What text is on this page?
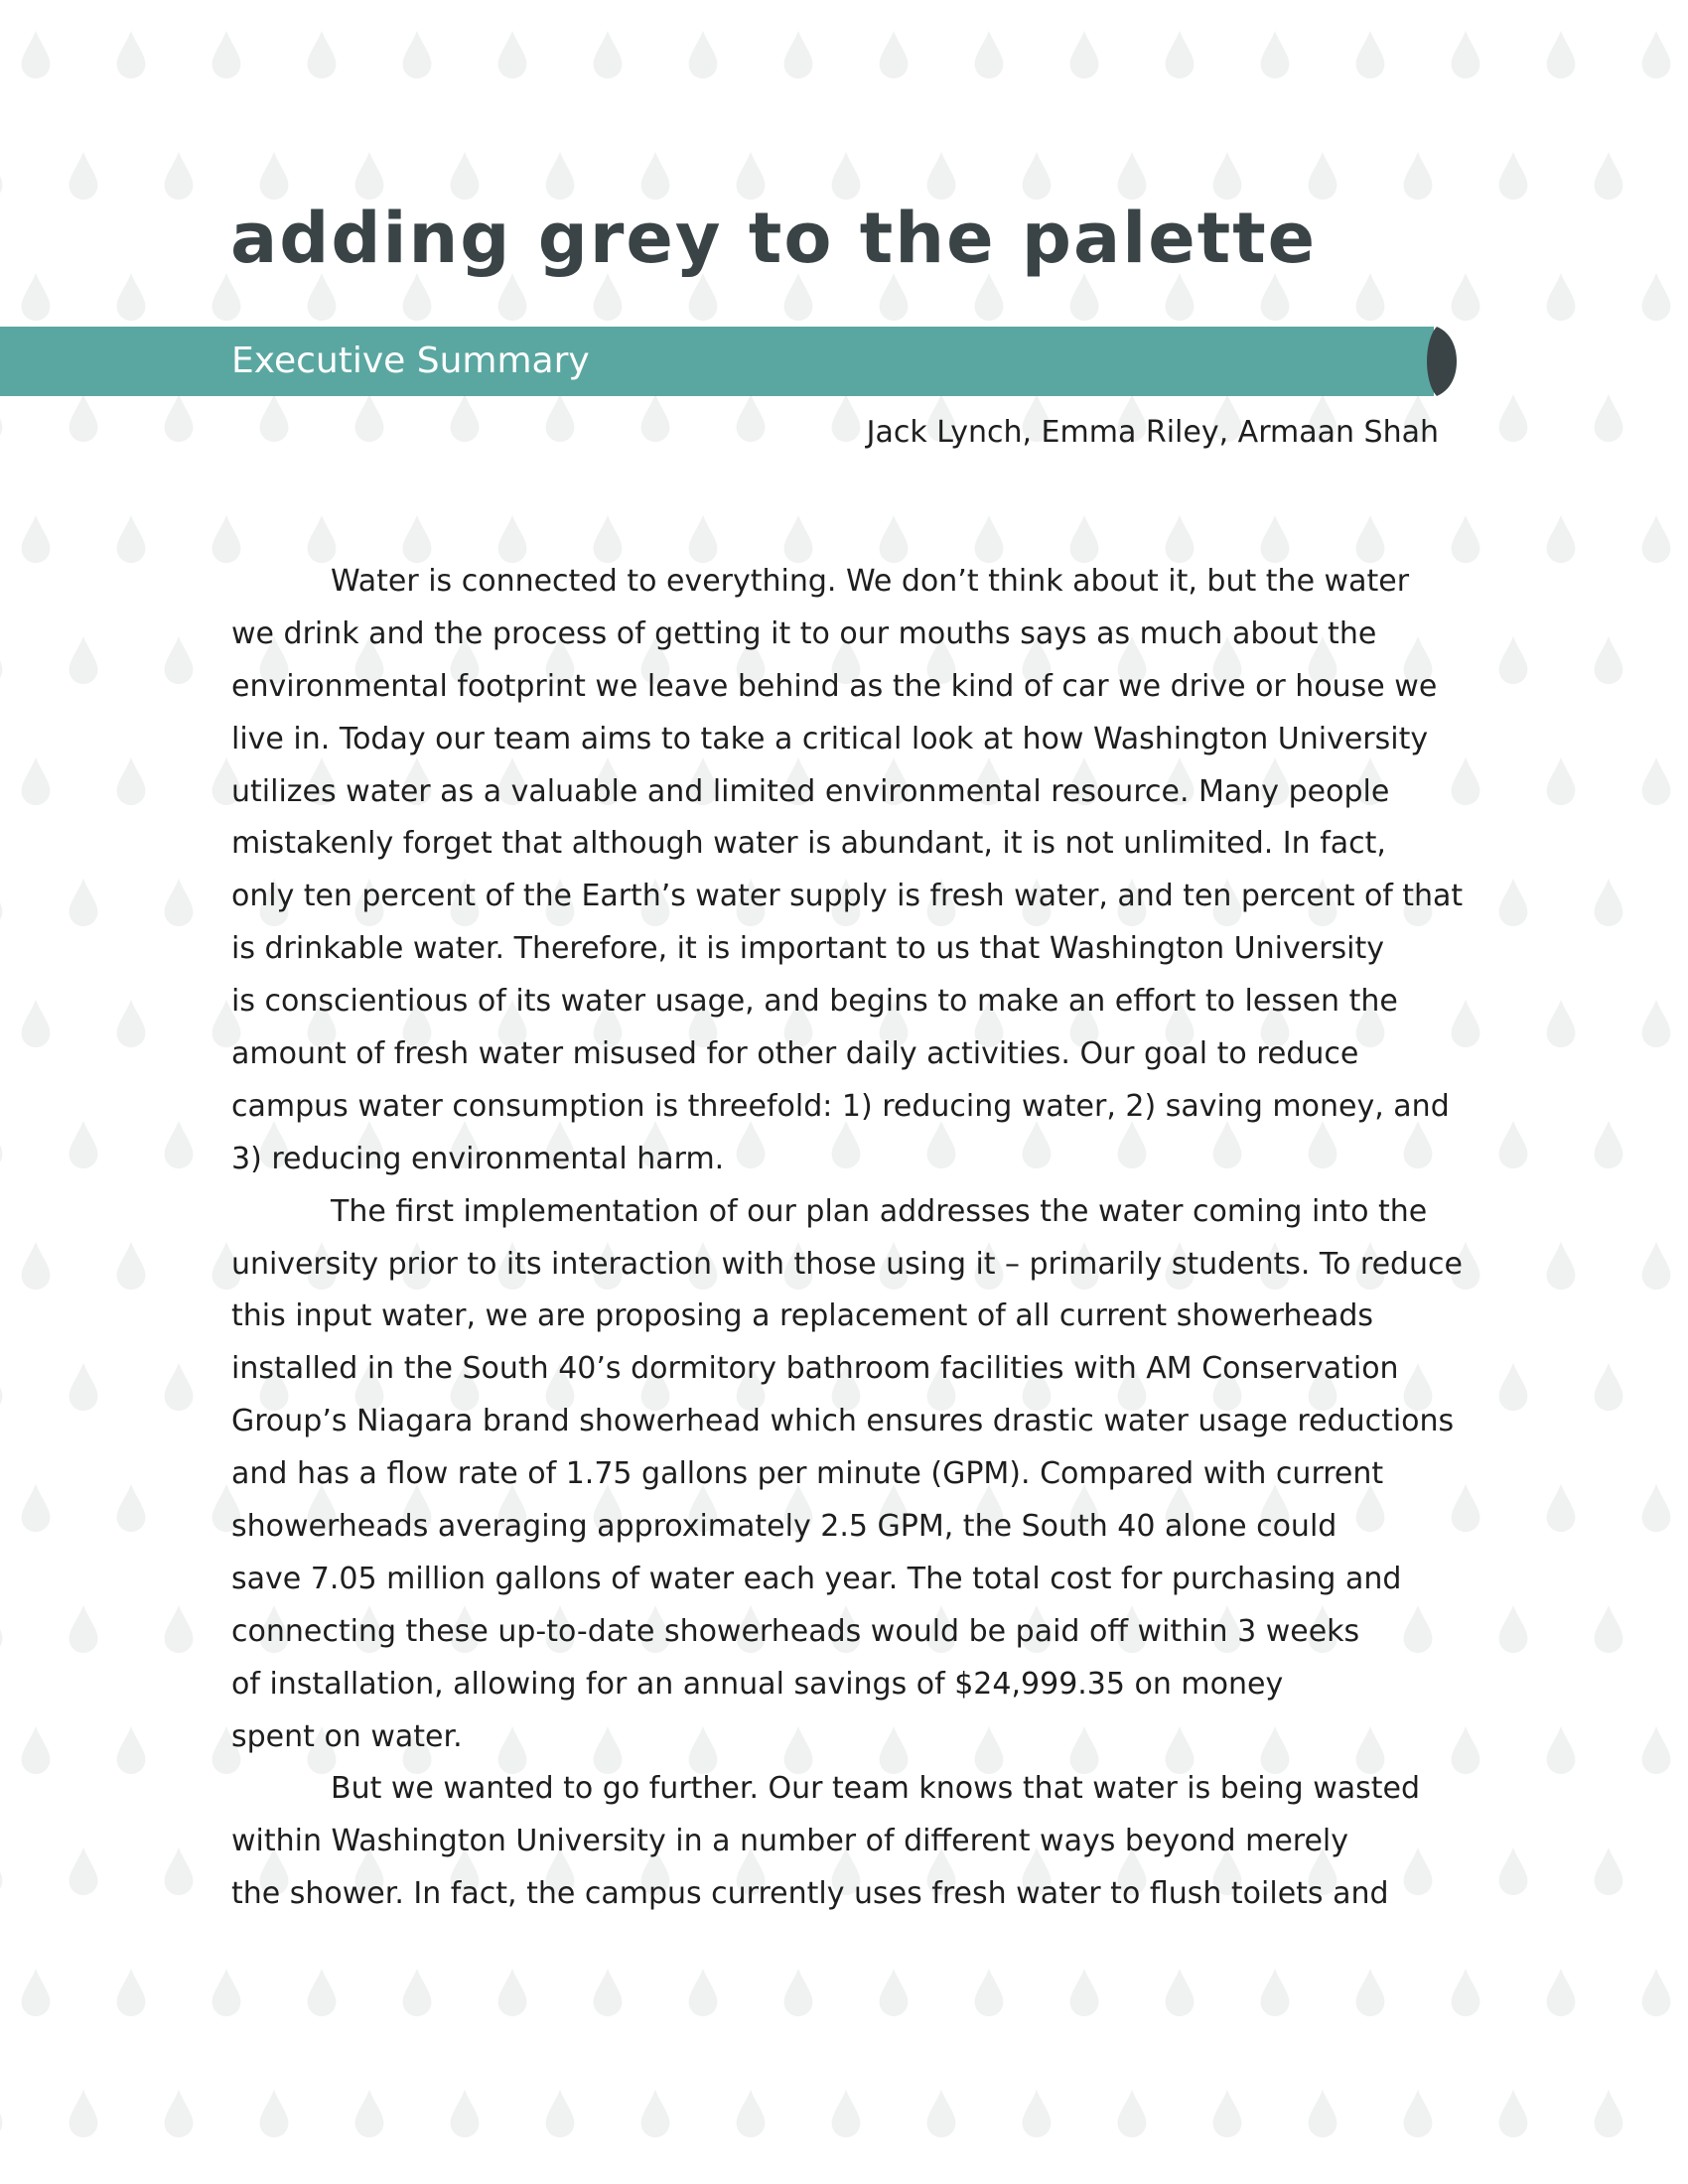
adding grey to the palette
Executive Summary
Jack Lynch, Emma Riley, Armaan Shah
Water is connected to everything. We don’t think about it, but the water
we drink and the process of getting it to our mouths says as much about the
environmental footprint we leave behind as the kind of car we drive or house we
live in. Today our team aims to take a critical look at how Washington University
utilizes water as a valuable and limited environmental resource. Many people
mistakenly forget that although water is abundant, it is not unlimited. In fact,
only ten percent of the Earth’s water supply is fresh water, and ten percent of that
is drinkable water. Therefore, it is important to us that Washington University
is conscientious of its water usage, and begins to make an effort to lessen the
amount of fresh water misused for other daily activities. Our goal to reduce
campus water consumption is threefold: 1) reducing water, 2) saving money, and
3) reducing environmental harm.
The first implementation of our plan addresses the water coming into the
university prior to its interaction with those using it – primarily students. To reduce
this input water, we are proposing a replacement of all current showerheads
installed in the South 40’s dormitory bathroom facilities with AM Conservation
Group’s Niagara brand showerhead which ensures drastic water usage reductions
and has a flow rate of 1.75 gallons per minute (GPM). Compared with current
showerheads averaging approximately 2.5 GPM, the South 40 alone could
save 7.05 million gallons of water each year. The total cost for purchasing and
connecting these up-to-date showerheads would be paid off within 3 weeks
of installation, allowing for an annual savings of $24,999.35 on money
spent on water.
But we wanted to go further. Our team knows that water is being wasted
within Washington University in a number of different ways beyond merely
the shower. In fact, the campus currently uses fresh water to flush toilets and
